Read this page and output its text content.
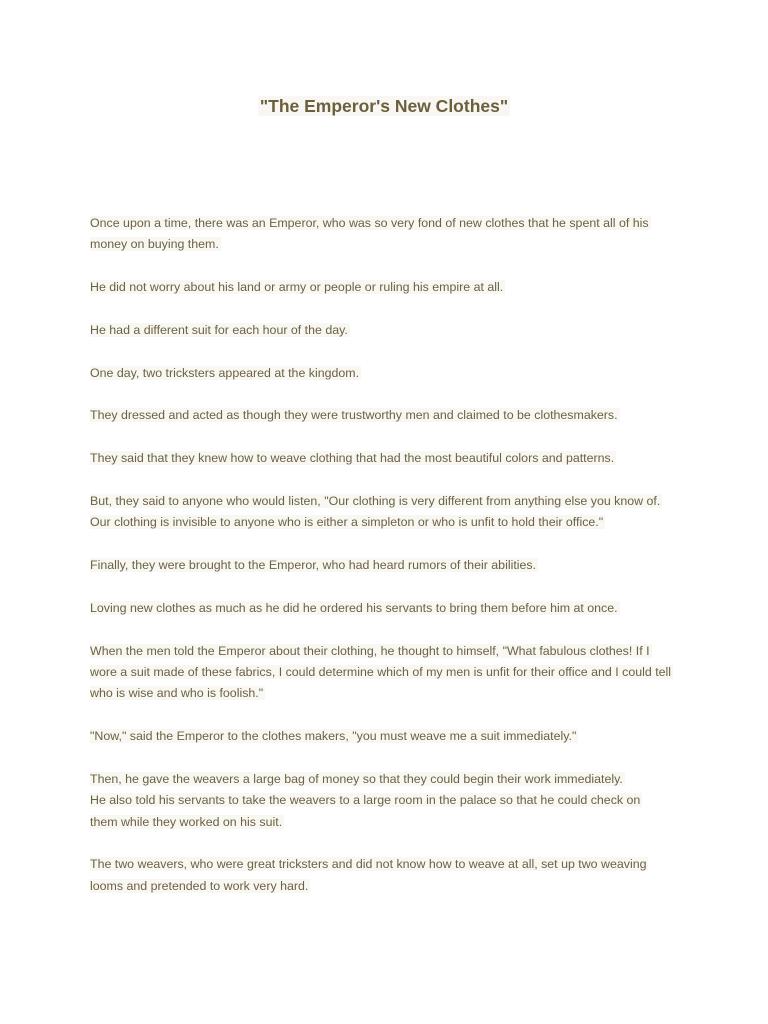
"The Emperor's New Clothes"

Once upon a time, there was an Emperor, who was so very fond of new clothes that he spent all of his
money on buying them.

He did not worry about his land or army or people or ruling his empire at all.

He had a different suit for each hour of the day.

One day, two tricksters appeared at the kingdom.

They dressed and acted as though they were trustworthy men and claimed to be clothesmakers.

They said that they knew how to weave clothing that had the most beautiful colors and patterns.

But, they said to anyone who would listen, "Our clothing is very different from anything else you know of.
Our clothing is invisible to anyone who is either a simpleton or who is unfit to hold their office."

Finally, they were brought to the Emperor, who had heard rumors of their abilities.

Loving new clothes as much as he did he ordered his servants to bring them before him at once.

When the men told the Emperor about their clothing, he thought to himself, "What fabulous clothes! If I
wore a suit made of these fabrics, I could determine which of my men is unfit for their office and I could tell
who is wise and who is foolish."

"Now," said the Emperor to the clothes makers, "you must weave me a suit immediately."

Then, he gave the weavers a large bag of money so that they could begin their work immediately.
He also told his servants to take the weavers to a large room in the palace so that he could check on
them while they worked on his suit.

The two weavers, who were great tricksters and did not know how to weave at all, set up two weaving
looms and pretended to work very hard.
